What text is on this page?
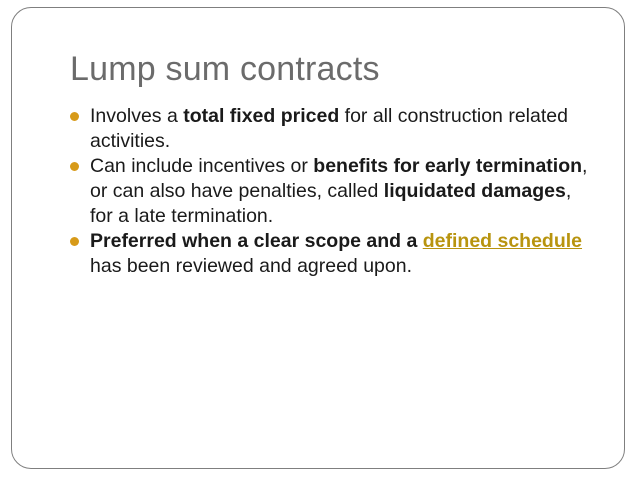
Lump sum contracts
Involves a total fixed priced for all construction related activities.
Can include incentives or benefits for early termination, or can also have penalties, called liquidated damages, for a late termination.
Preferred when a clear scope and a defined schedule has been reviewed and agreed upon.
